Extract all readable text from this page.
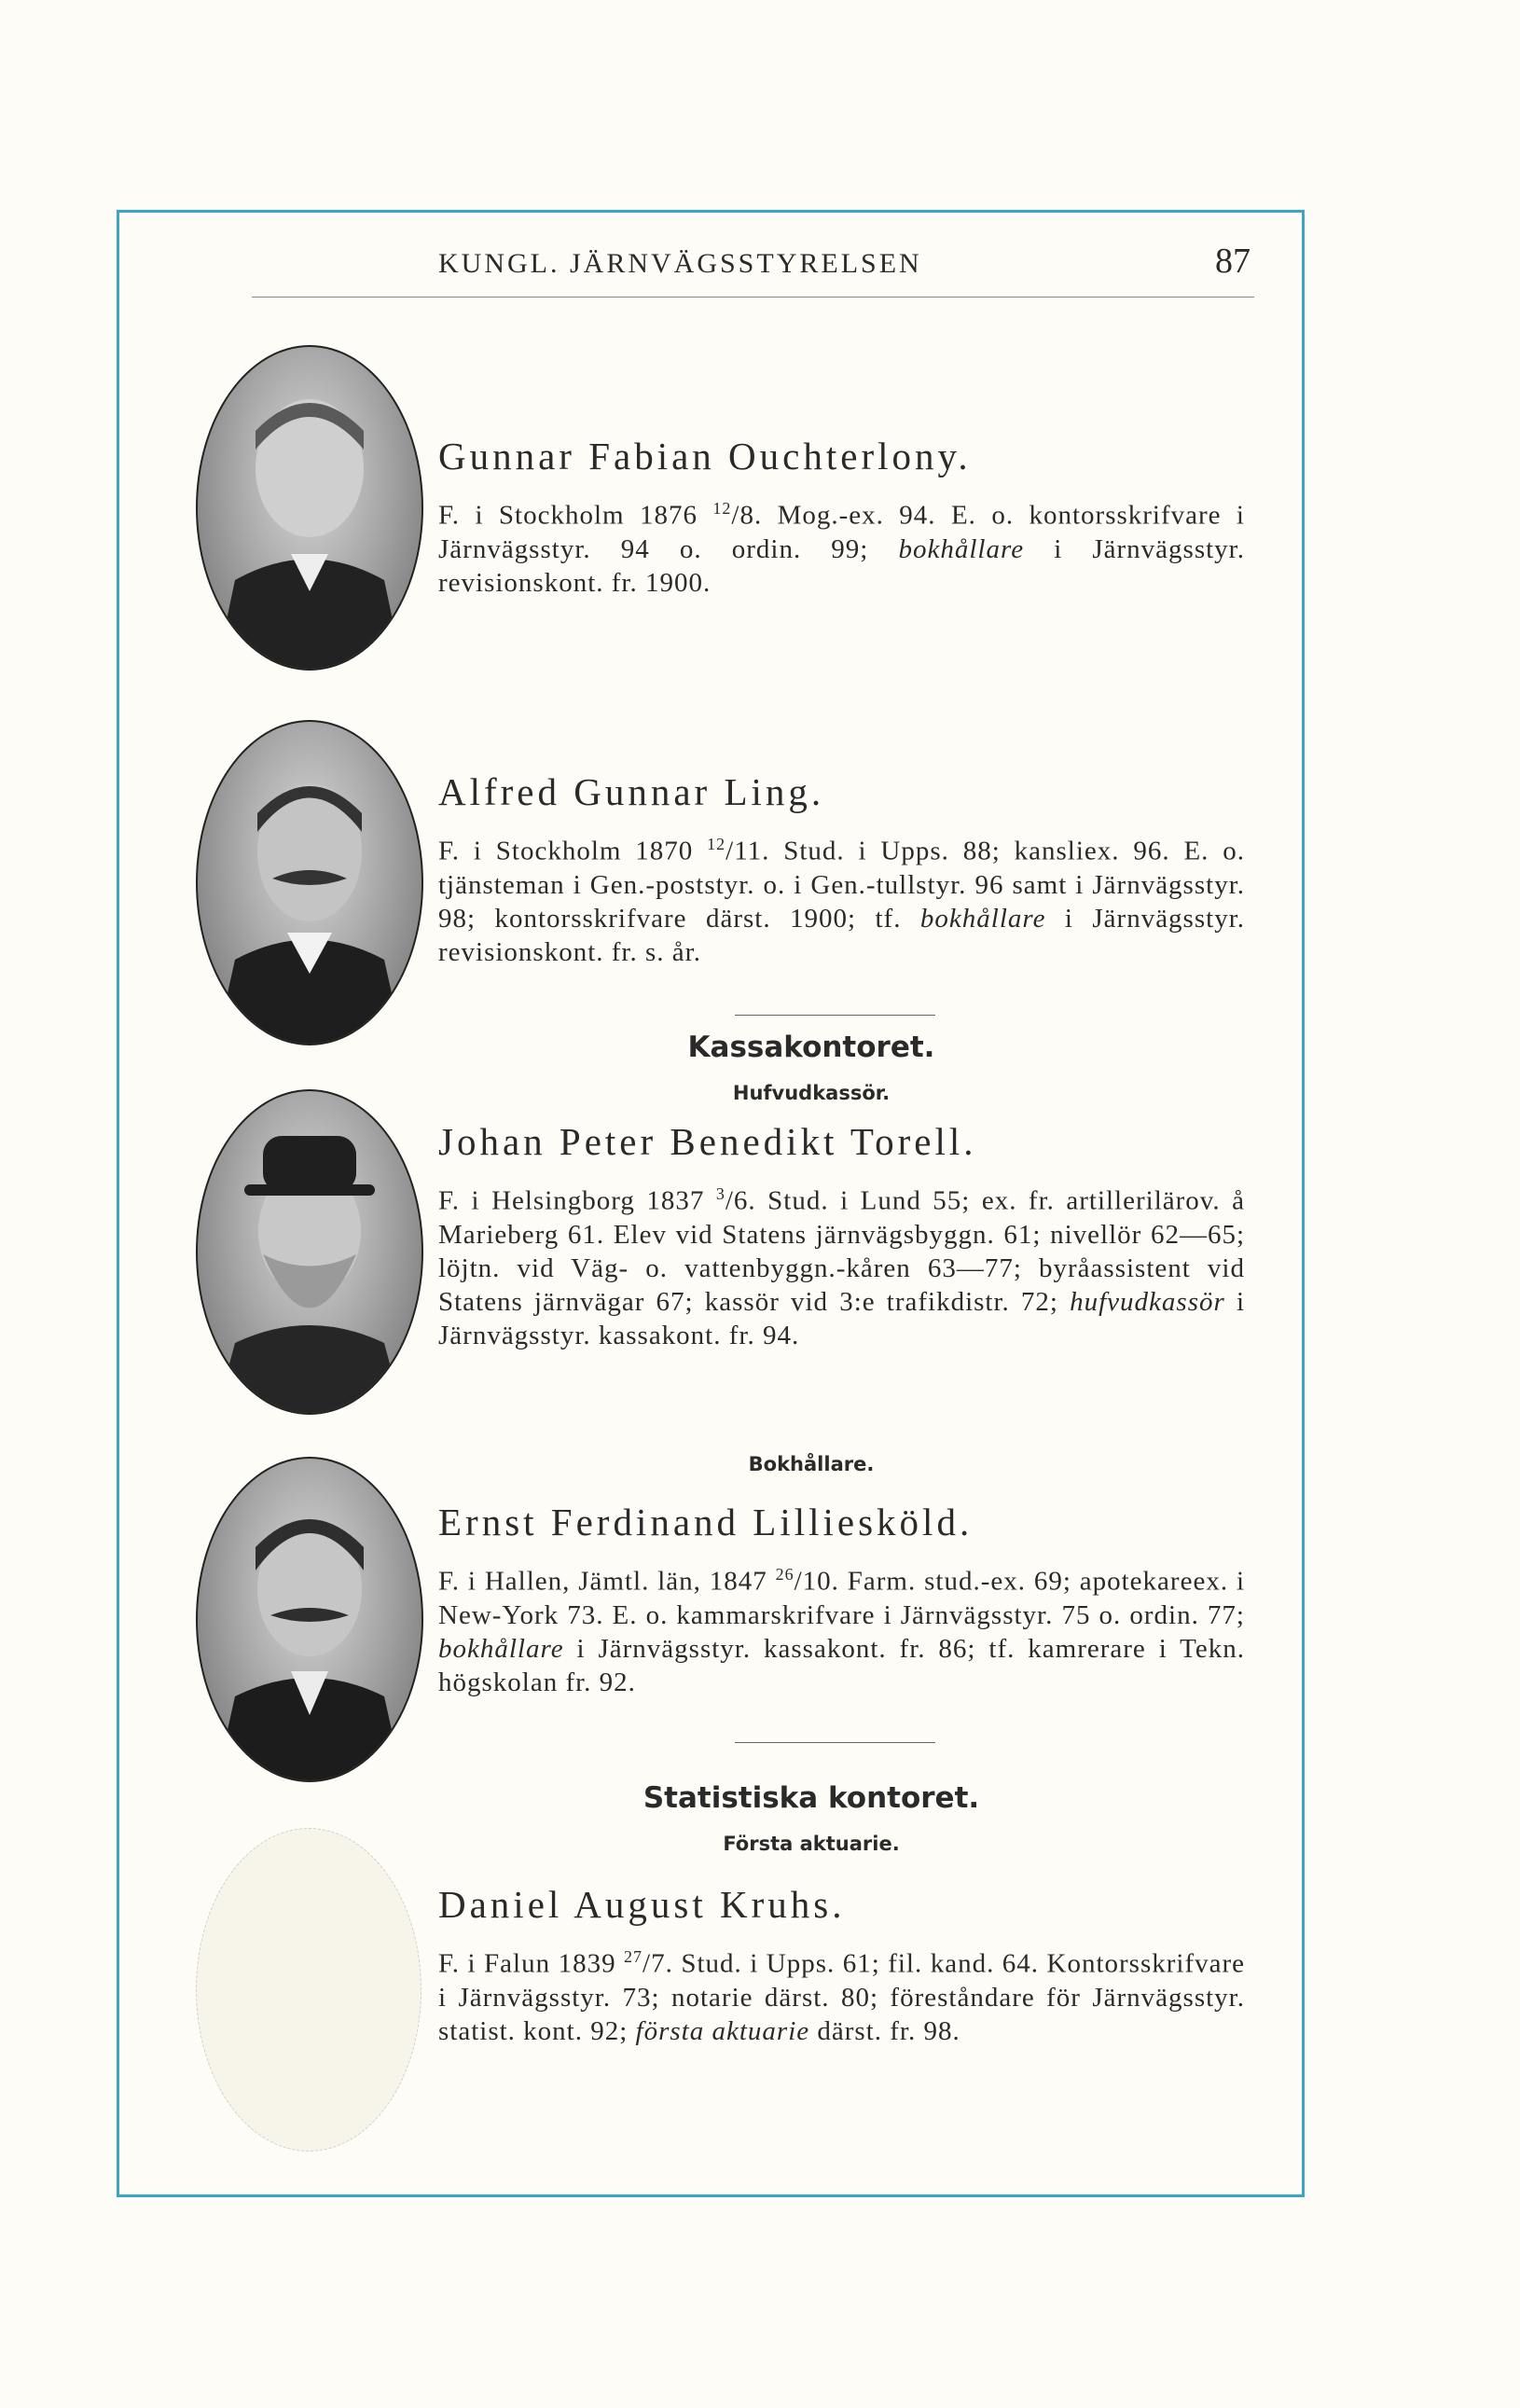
KUNGL. JÄRNVÄGSSTYRELSEN	87
Gunnar Fabian Ouchterlony.

F. i Stockholm 1876 $^{12}$/8. Mog.-ex. 94. E. o. kontorsskrifvare i Järnvägsstyr. 94 o. ordin. 99; bokhållare i Järnvägsstyr. revisionskont. fr. 1900.

Alfred Gunnar Ling.

F. i Stockholm 1870 $^{12}$/11. Stud. i Upps. 88; kansliex. 96. E. o. tjänsteman i Gen.-poststyr. o. i Gen.-tullstyr. 96 samt i Järnvägsstyr. 98; kontorsskrifvare därst. 1900; tf. bokhållare i Järnvägsstyr. revisionskont. fr. s. år.

Kassakontoret.
Hufvudkassör.
Johan Peter Benedikt Torell.

F. i Helsingborg 1837 $^3$/6. Stud. i Lund 55; ex. fr. artillerilärov. å Marieberg 61. Elev vid Statens järnvägsbyggn. 61; nivellör 62—65; löjtn. vid Väg- o. vattenbyggn.-kåren 63—77; byråassistent vid Statens järnvägar 67; kassör vid 3:e trafikdistr. 72; hufvudkassör i Järnvägsstyr. kassakont. fr. 94.

Bokhållare.
Ernst Ferdinand Lilliesköld.

F. i Hallen, Jämtl. län, 1847 $^{26}$/10. Farm. stud.-ex. 69; apotekareex. i New-York 73. E. o. kammarskrifvare i Järnvägsstyr. 75 o. ordin. 77; bokhållare i Järnvägsstyr. kassakont. fr. 86; tf. kamrerare i Tekn. högskolan fr. 92.

Statistiska kontoret.
Första aktuarie.
Daniel August Kruhs.

F. i Falun 1839 $^{27}$/7. Stud. i Upps. 61; fil. kand. 64. Kontorsskrifvare i Järnvägsstyr. 73; notarie därst. 80; föreståndare för Järnvägsstyr. statist. kont. 92; första aktuarie därst. fr. 98.
